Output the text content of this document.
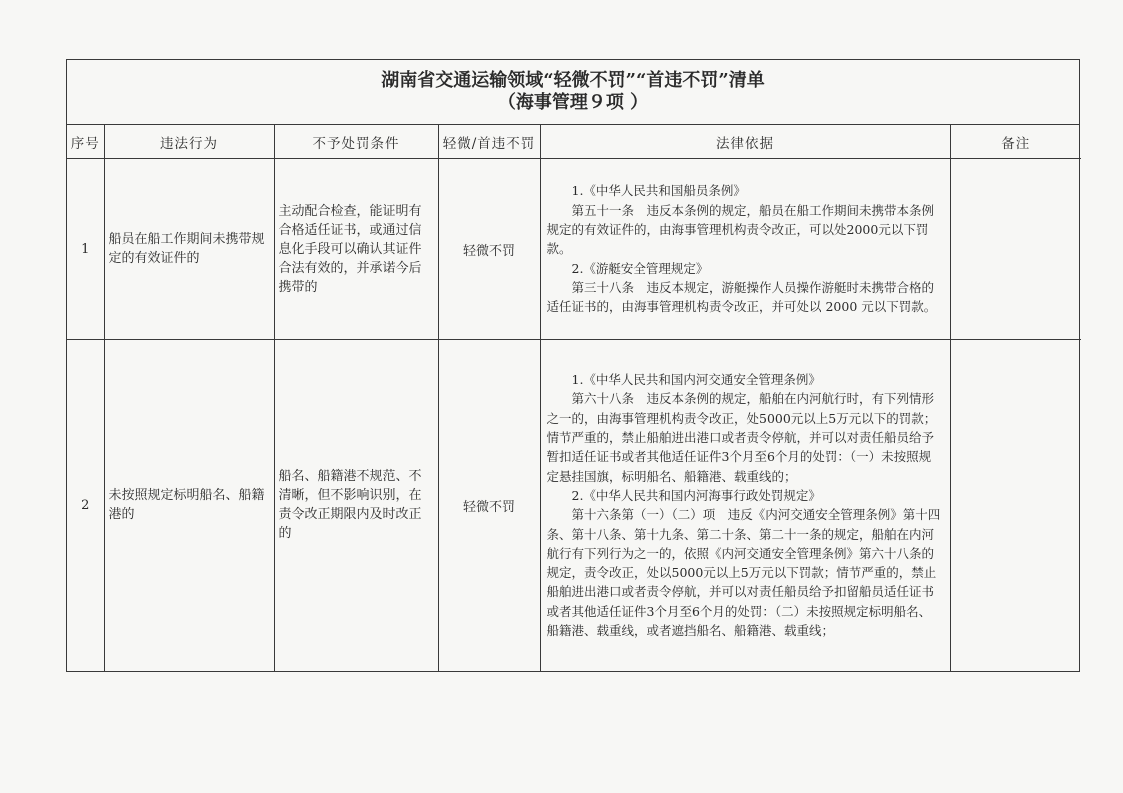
湖南省交通运输领域“轻微不罚”“首违不罚”清单
（海事管理９项 ）
序号	违法行为	不予处罚条件	轻微/首违不罚	法律依据	备注
1	船员在船工作期间未携带规定的有效证件的	主动配合检查，能证明有合格适任证书，或通过信息化手段可以确认其证件合法有效的，并承诺今后携带的	轻微不罚	1.《中华人民共和国船员条例》
第五十一条　违反本条例的规定，船员在船工作期间未携带本条例规定的有效证件的，由海事管理机构责令改正，可以处2000元以下罚款。
2.《游艇安全管理规定》
第三十八条　违反本规定，游艇操作人员操作游艇时未携带合格的适任证书的，由海事管理机构责令改正，并可处以 2000 元以下罚款。	

2	未按照规定标明船名、船籍港的	船名、船籍港不规范、不清晰，但不影响识别，在责令改正期限内及时改正的	轻微不罚	1.《中华人民共和国内河交通安全管理条例》
第六十八条　违反本条例的规定，船舶在内河航行时，有下列情形之一的，由海事管理机构责令改正，处5000元以上5万元以下的罚款；情节严重的，禁止船舶进出港口或者责令停航，并可以对责任船员给予暂扣适任证书或者其他适任证件3个月至6个月的处罚：（一）未按照规定悬挂国旗，标明船名、船籍港、载重线的；
2.《中华人民共和国内河海事行政处罚规定》
第十六条第（一）（二）项　违反《内河交通安全管理条例》第十四条、第十八条、第十九条、第二十条、第二十一条的规定，船舶在内河航行有下列行为之一的，依照《内河交通安全管理条例》第六十八条的规定，责令改正，处以5000元以上5万元以下罚款；情节严重的，禁止船舶进出港口或者责令停航，并可以对责任船员给予扣留船员适任证书或者其他适任证件3个月至6个月的处罚：（二）未按照规定标明船名、船籍港、载重线，或者遮挡船名、船籍港、载重线；	
